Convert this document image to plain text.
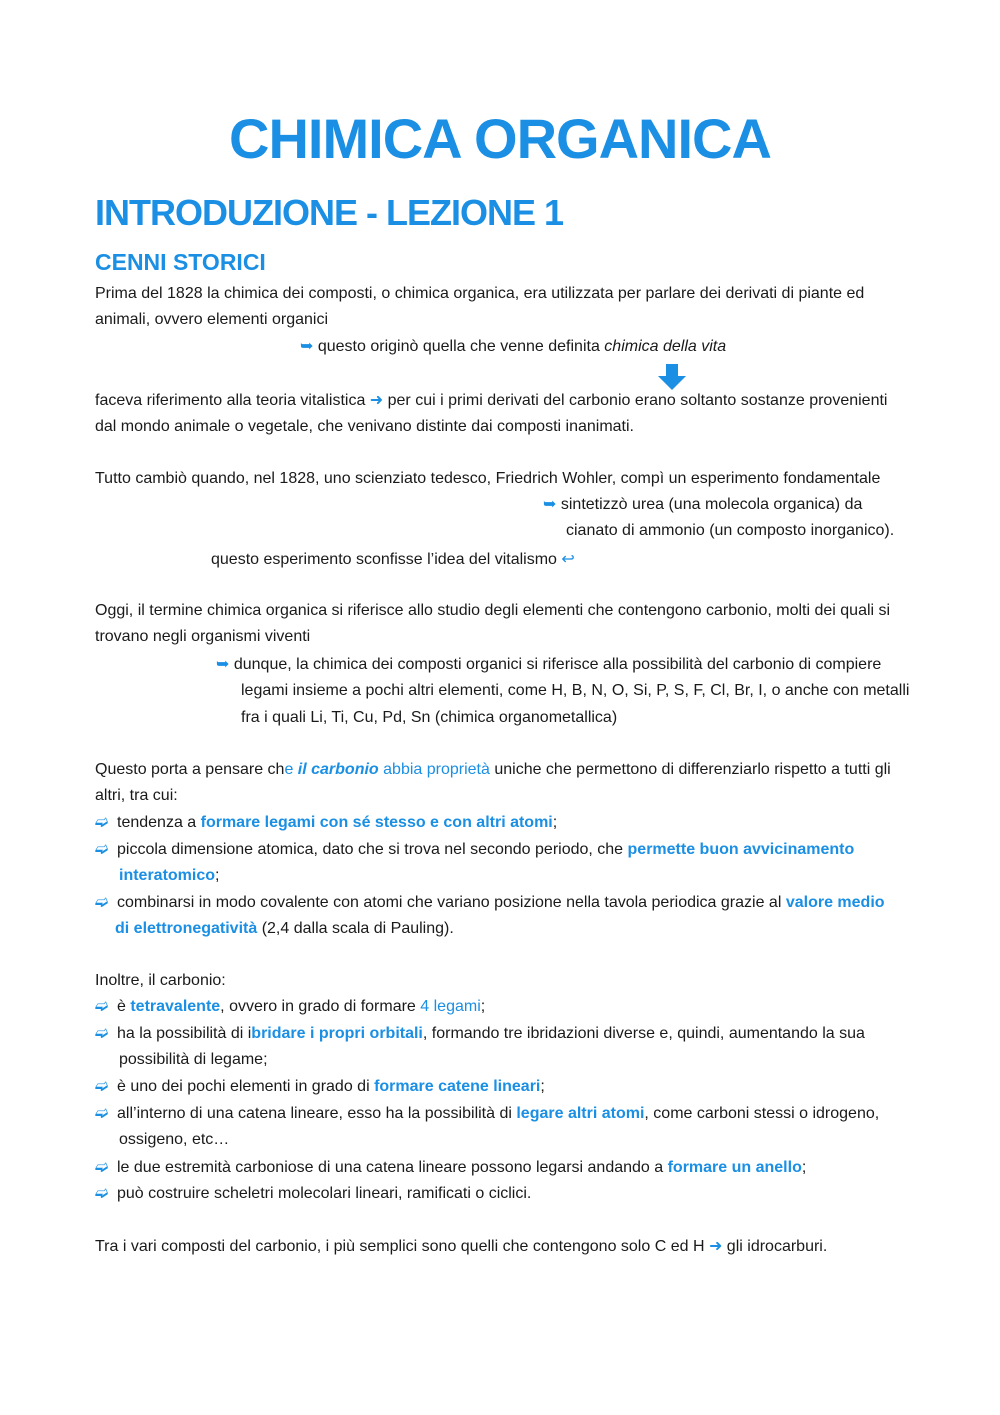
CHIMICA ORGANICA
INTRODUZIONE - LEZIONE 1
CENNI STORICI
Prima del 1828 la chimica dei composti, o chimica organica, era utilizzata per parlare dei derivati di piante ed
animali, ovvero elementi organici
➥ questo originò quella che venne definita chimica della vita
faceva riferimento alla teoria vitalistica ➜ per cui i primi derivati del carbonio erano soltanto sostanze provenienti
dal mondo animale o vegetale, che venivano distinte dai composti inanimati.
Tutto cambiò quando, nel 1828, uno scienziato tedesco, Friedrich Wohler, compì un esperimento fondamentale
➥ sintetizzò urea (una molecola organica) da
cianato di ammonio (un composto inorganico).
questo esperimento sconfisse l’idea del vitalismo ↩
Oggi, il termine chimica organica si riferisce allo studio degli elementi che contengono carbonio, molti dei quali si
trovano negli organismi viventi
➥ dunque, la chimica dei composti organici si riferisce alla possibilità del carbonio di compiere
legami insieme a pochi altri elementi, come H, B, N, O, Si, P, S, F, Cl, Br, I, o anche con metalli
fra i quali Li, Ti, Cu, Pd, Sn (chimica organometallica)
Questo porta a pensare che il carbonio abbia proprietà uniche che permettono di differenziarlo rispetto a tutti gli
altri, tra cui:
➫ tendenza a formare legami con sé stesso e con altri atomi;
➫ piccola dimensione atomica, dato che si trova nel secondo periodo, che permette buon avvicinamento
interatomico;
➫ combinarsi in modo covalente con atomi che variano posizione nella tavola periodica grazie al valore medio
di elettronegatività (2,4 dalla scala di Pauling).
Inoltre, il carbonio:
➫ è tetravalente, ovvero in grado di formare 4 legami;
➫ ha la possibilità di ibridare i propri orbitali, formando tre ibridazioni diverse e, quindi, aumentando la sua
possibilità di legame;
➫ è uno dei pochi elementi in grado di formare catene lineari;
➫ all’interno di una catena lineare, esso ha la possibilità di legare altri atomi, come carboni stessi o idrogeno,
ossigeno, etc…
➫ le due estremità carboniose di una catena lineare possono legarsi andando a formare un anello;
➫ può costruire scheletri molecolari lineari, ramificati o ciclici.
Tra i vari composti del carbonio, i più semplici sono quelli che contengono solo C ed H ➜ gli idrocarburi.
